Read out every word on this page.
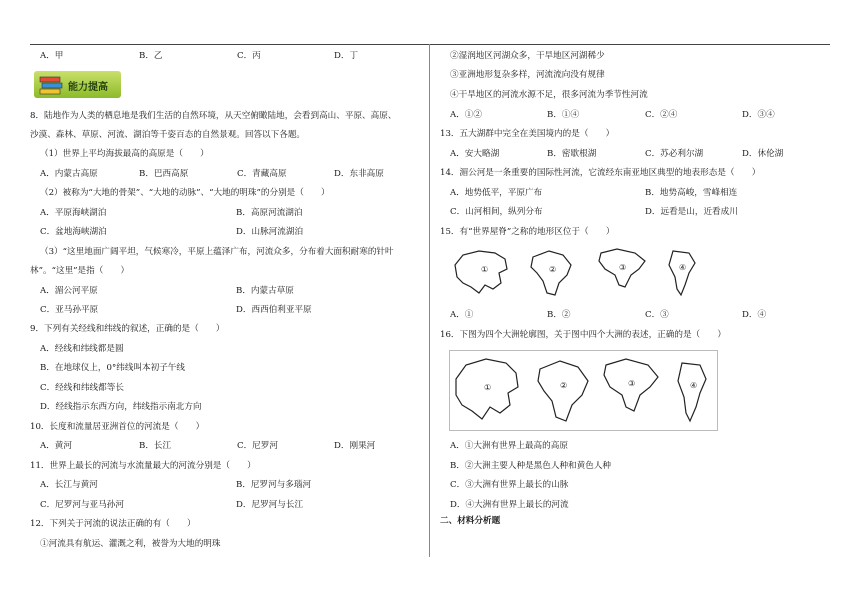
A．甲	B．乙	C．丙	D．丁
能力提高
8．陆地作为人类的栖息地是我们生活的自然环境，从天空俯瞰陆地，会看到高山、平原、高原、
沙漠、森林、草原、河流、湖泊等千姿百态的自然景观。回答以下各题。
（1）世界上平均海拔最高的高原是（　　）
A．内蒙古高原	B．巴西高原	C．青藏高原	D．东非高原
（2）被称为“大地的骨架”、“大地的动脉”、“大地的明珠”的分别是（　　）
A．平原海峡湖泊	B．高原河流湖泊
C．盆地海峡湖泊	D．山脉河流湖泊
（3）“这里地面广阔平坦，气候寒冷，平原上蕴泽广布，河流众多，分布着大面积耐寒的针叶
林”。“这里”是指（　　）
A．湄公河平原	B．内蒙古草原
C．亚马孙平原	D．西西伯利亚平原
9．下列有关经线和纬线的叙述，正确的是（　　）
A．经线和纬线都是圆
B．在地球仪上，0°纬线叫本初子午线
C．经线和纬线都等长
D．经线指示东西方向，纬线指示南北方向
10．长度和流量居亚洲首位的河流是（　　）
A．黄河	B．长江	C．尼罗河	D．刚果河
11．世界上最长的河流与水流量最大的河流分别是（　　）
A．长江与黄河	B．尼罗河与多瑙河
C．尼罗河与亚马孙河	D．尼罗河与长江
12．下列关于河流的说法正确的有（　　）
①河流具有航运、灌溉之利，被誉为大地的明珠
②湿润地区河湖众多，干旱地区河湖稀少
③亚洲地形复杂多样，河流流向没有规律
④干旱地区的河流水源不足，很多河流为季节性河流
A．①②	B．①④	C．②④	D．③④
13．五大湖群中完全在美国境内的是（　　）
A．安大略湖	B．密歇根湖	C．苏必利尔湖	D．休伦湖
14．湄公河是一条重要的国际性河流，它流经东南亚地区典型的地表形态是（　　）
A．地势低平，平原广布	B．地势高峻，雪峰相连
C．山河相间，纵列分布	D．远看是山，近看成川
15．有“世界屋脊”之称的地形区位于（　　）
①	②	③	④
A．①	B．②	C．③	D．④
16．下图为四个大洲轮廓图，关于图中四个大洲的表述，正确的是（　　）
①	②	③	④
A．①大洲有世界上最高的高原
B．②大洲主要人种是黑色人种和黄色人种
C．③大洲有世界上最长的山脉
D．④大洲有世界上最长的河流
二、材料分析题
